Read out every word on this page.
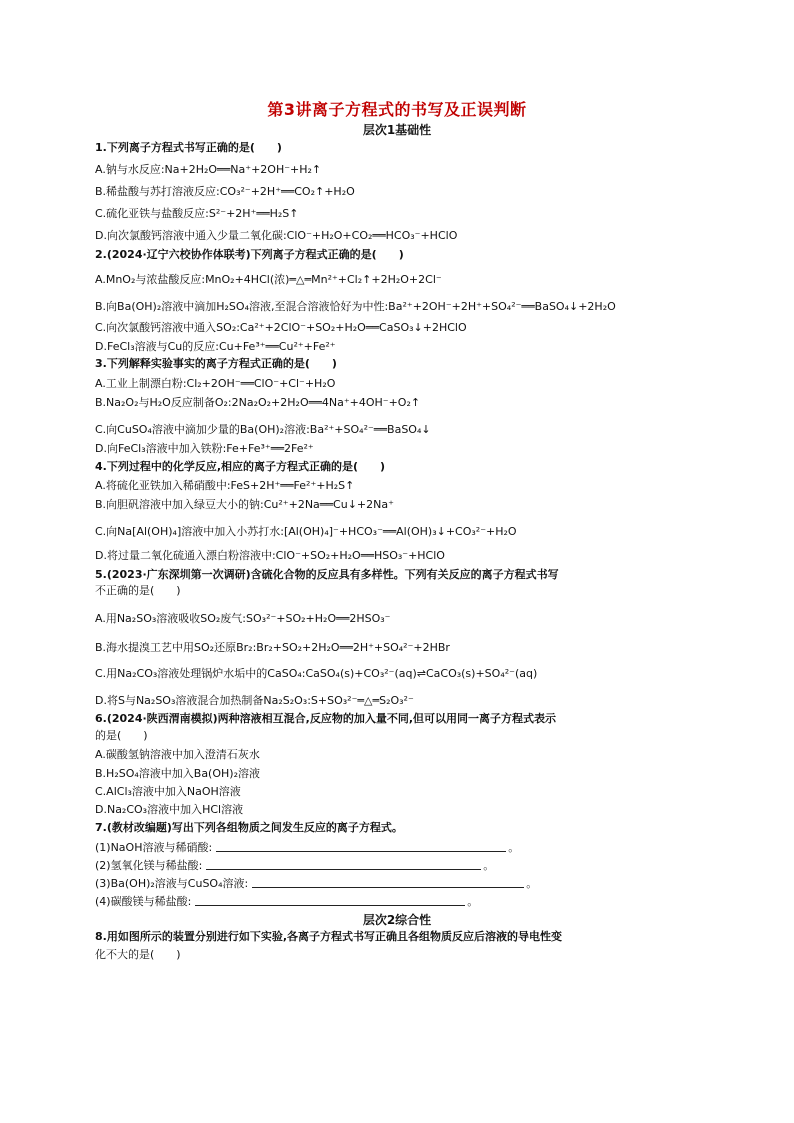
第3讲离子方程式的书写及正误判断
层次1基础性
1.下列离子方程式书写正确的是(　　)
A.钠与水反应:Na+2H₂O══Na⁺+2OH⁻+H₂↑
B.稀盐酸与苏打溶液反应:CO₃²⁻+2H⁺══CO₂↑+H₂O
C.硫化亚铁与盐酸反应:S²⁻+2H⁺══H₂S↑
D.向次氯酸钙溶液中通入少量二氧化碳:ClO⁻+H₂O+CO₂══HCO₃⁻+HClO
2.(2024·辽宁六校协作体联考)下列离子方程式正确的是(　　)
A.MnO₂与浓盐酸反应:MnO₂+4HCl(浓)═△═Mn²⁺+Cl₂↑+2H₂O+2Cl⁻
B.向Ba(OH)₂溶液中滴加H₂SO₄溶液,至混合溶液恰好为中性:Ba²⁺+2OH⁻+2H⁺+SO₄²⁻══BaSO₄↓+2H₂O
C.向次氯酸钙溶液中通入SO₂:Ca²⁺+2ClO⁻+SO₂+H₂O══CaSO₃↓+2HClO
D.FeCl₃溶液与Cu的反应:Cu+Fe³⁺══Cu²⁺+Fe²⁺
3.下列解释实验事实的离子方程式正确的是(　　)
A.工业上制漂白粉:Cl₂+2OH⁻══ClO⁻+Cl⁻+H₂O
B.Na₂O₂与H₂O反应制备O₂:2Na₂O₂+2H₂O══4Na⁺+4OH⁻+O₂↑
C.向CuSO₄溶液中滴加少量的Ba(OH)₂溶液:Ba²⁺+SO₄²⁻══BaSO₄↓
D.向FeCl₃溶液中加入铁粉:Fe+Fe³⁺══2Fe²⁺
4.下列过程中的化学反应,相应的离子方程式正确的是(　　)
A.将硫化亚铁加入稀硝酸中:FeS+2H⁺══Fe²⁺+H₂S↑
B.向胆矾溶液中加入绿豆大小的钠:Cu²⁺+2Na══Cu↓+2Na⁺
C.向Na[Al(OH)₄]溶液中加入小苏打水:[Al(OH)₄]⁻+HCO₃⁻══Al(OH)₃↓+CO₃²⁻+H₂O
D.将过量二氧化硫通入漂白粉溶液中:ClO⁻+SO₂+H₂O══HSO₃⁻+HClO
5.(2023·广东深圳第一次调研)含硫化合物的反应具有多样性。下列有关反应的离子方程式书写
不正确的是(　　)
A.用Na₂SO₃溶液吸收SO₂废气:SO₃²⁻+SO₂+H₂O══2HSO₃⁻
B.海水提溴工艺中用SO₂还原Br₂:Br₂+SO₂+2H₂O══2H⁺+SO₄²⁻+2HBr
C.用Na₂CO₃溶液处理锅炉水垢中的CaSO₄:CaSO₄(s)+CO₃²⁻(aq)⇌CaCO₃(s)+SO₄²⁻(aq)
D.将S与Na₂SO₃溶液混合加热制备Na₂S₂O₃:S+SO₃²⁻═△═S₂O₃²⁻
6.(2024·陕西渭南模拟)两种溶液相互混合,反应物的加入量不同,但可以用同一离子方程式表示
的是(　　)
A.碳酸氢钠溶液中加入澄清石灰水
B.H₂SO₄溶液中加入Ba(OH)₂溶液
C.AlCl₃溶液中加入NaOH溶液
D.Na₂CO₃溶液中加入HCl溶液
7.(教材改编题)写出下列各组物质之间发生反应的离子方程式。
(1)NaOH溶液与稀硝酸:	。
(2)氢氧化镁与稀盐酸:	。
(3)Ba(OH)₂溶液与CuSO₄溶液:	。
(4)碳酸镁与稀盐酸:	。
层次2综合性
8.用如图所示的装置分别进行如下实验,各离子方程式书写正确且各组物质反应后溶液的导电性变
化不大的是(　　)
